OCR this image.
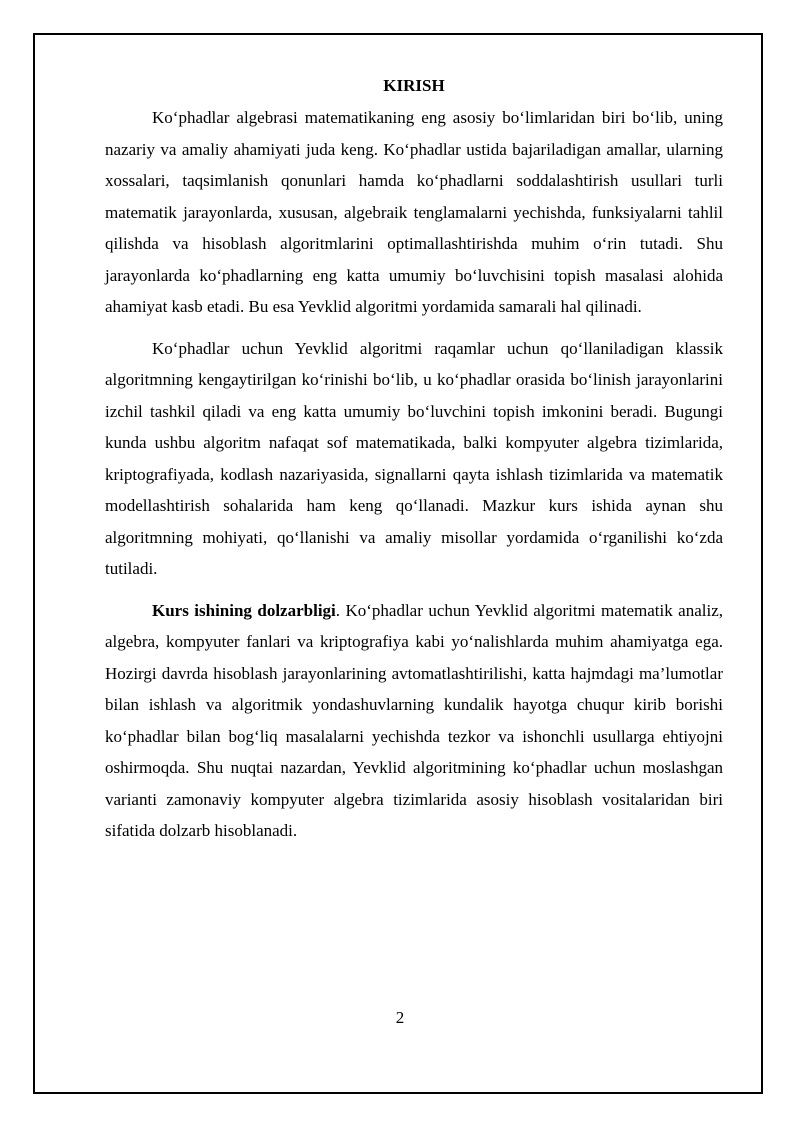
KIRISH

Ko‘phadlar algebrasi matematikaning eng asosiy bo‘limlaridan biri bo‘lib, uning nazariy va amaliy ahamiyati juda keng. Ko‘phadlar ustida bajariladigan amallar, ularning xossalari, taqsimlanish qonunlari hamda ko‘phadlarni soddalashtirish usullari turli matematik jarayonlarda, xususan, algebraik tenglamalarni yechishda, funksiyalarni tahlil qilishda va hisoblash algoritmlarini optimallashtirishda muhim o‘rin tutadi. Shu jarayonlarda ko‘phadlarning eng katta umumiy bo‘luvchisini topish masalasi alohida ahamiyat kasb etadi. Bu esa Yevklid algoritmi yordamida samarali hal qilinadi.

Ko‘phadlar uchun Yevklid algoritmi raqamlar uchun qo‘llaniladigan klassik algoritmning kengaytirilgan ko‘rinishi bo‘lib, u ko‘phadlar orasida bo‘linish jarayonlarini izchil tashkil qiladi va eng katta umumiy bo‘luvchini topish imkonini beradi. Bugungi kunda ushbu algoritm nafaqat sof matematikada, balki kompyuter algebra tizimlarida, kriptografiyada, kodlash nazariyasida, signallarni qayta ishlash tizimlarida va matematik modellashtirish sohalarida ham keng qo‘llanadi. Mazkur kurs ishida aynan shu algoritmning mohiyati, qo‘llanishi va amaliy misollar yordamida o‘rganilishi ko‘zda tutiladi.

Kurs ishining dolzarbligi. Ko‘phadlar uchun Yevklid algoritmi matematik analiz, algebra, kompyuter fanlari va kriptografiya kabi yo‘nalishlarda muhim ahamiyatga ega. Hozirgi davrda hisoblash jarayonlarining avtomatlashtirilishi, katta hajmdagi ma’lumotlar bilan ishlash va algoritmik yondashuvlarning kundalik hayotga chuqur kirib borishi ko‘phadlar bilan bog‘liq masalalarni yechishda tezkor va ishonchli usullarga ehtiyojni oshirmoqda. Shu nuqtai nazardan, Yevklid algoritmining ko‘phadlar uchun moslashgan varianti zamonaviy kompyuter algebra tizimlarida asosiy hisoblash vositalaridan biri sifatida dolzarb hisoblanadi.

2
